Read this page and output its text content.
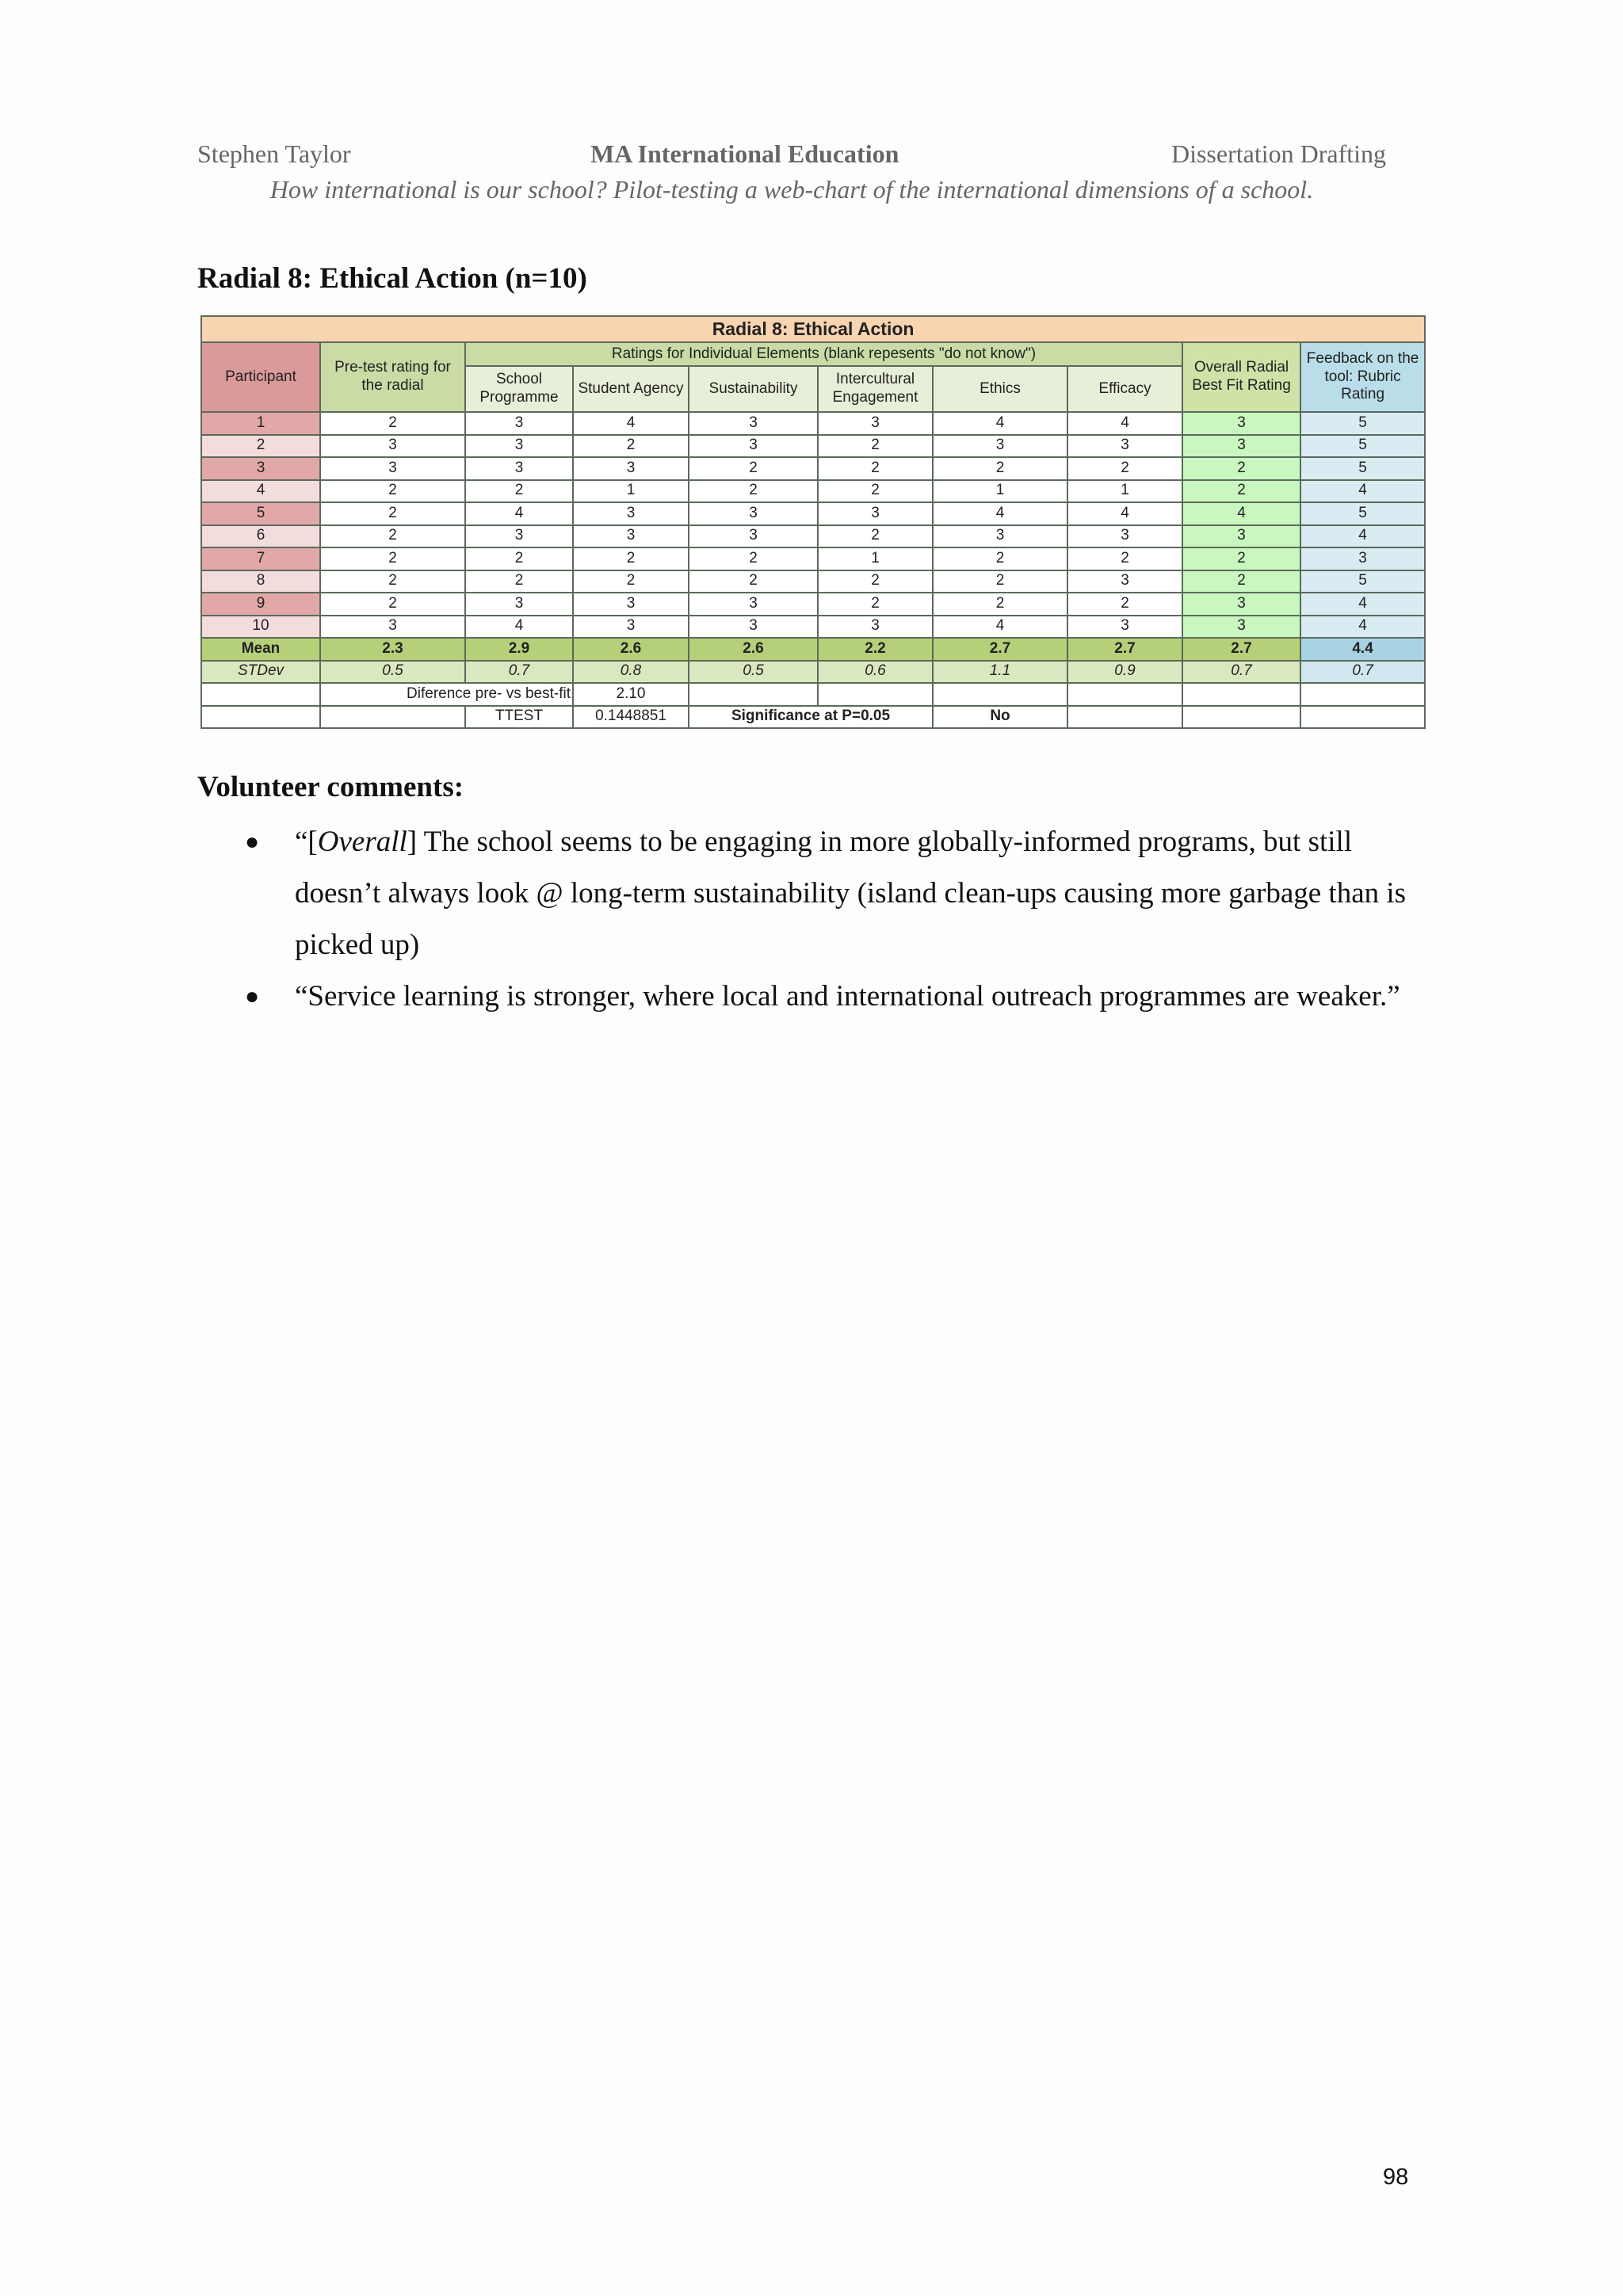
Stephen Taylor	MA International Education	Dissertation Drafting
How international is our school? Pilot-testing a web-chart of the international dimensions of a school.
Radial 8: Ethical Action (n=10)
Radial 8: Ethical Action									
Participant	Pre-test rating for the radial	Ratings for Individual Elements (blank repesents "do not know")						Overall Radial Best Fit Rating	Feedback on the tool: Rubric Rating
		School Programme	Student Agency	Sustainability	Intercultural Engagement	Ethics	Efficacy		
1	2	3	4	3	3	4	4	3	5
2	3	3	2	3	2	3	3	3	5
3	3	3	3	2	2	2	2	2	5
4	2	2	1	2	2	1	1	2	4
5	2	4	3	3	3	4	4	4	5
6	2	3	3	3	2	3	3	3	4
7	2	2	2	2	1	2	2	2	3
8	2	2	2	2	2	2	3	2	5
9	2	3	3	3	2	2	2	3	4
10	3	4	3	3	3	4	3	3	4
Mean	2.3	2.9	2.6	2.6	2.2	2.7	2.7	2.7	4.4
STDev	0.5	0.7	0.8	0.5	0.6	1.1	0.9	0.7	0.7
	Diference pre- vs best-fit		2.10						
		TTEST	0.1448851	Significance at P=0.05		No			
Volunteer comments:
● “[Overall] The school seems to be engaging in more globally-informed programs, but still doesn’t always look @ long-term sustainability (island clean-ups causing more garbage than is picked up)
● “Service learning is stronger, where local and international outreach programmes are weaker.”
98
